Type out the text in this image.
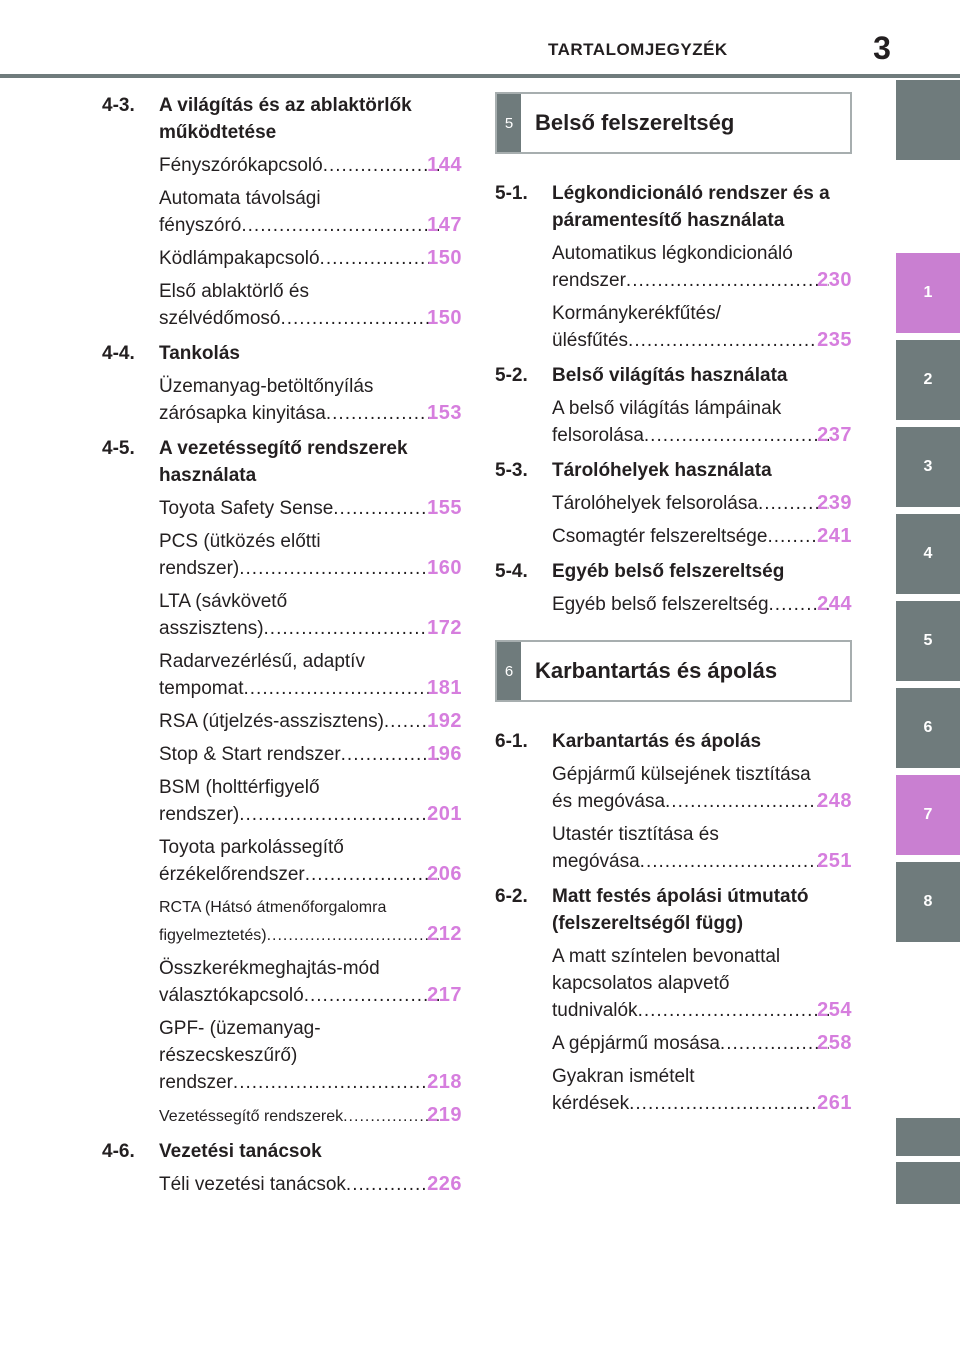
TARTALOMJEGYZÉK	3
4-3.	A világítás és az ablaktörlők működtetése
Fényszórókapcsoló .....	144
Automata távolsági
fényszóró .....	147
Ködlámpakapcsoló .....	150
Első ablaktörlő és
szélvédőmosó .....	150
4-4.	Tankolás
Üzemanyag-betöltőnyílás
zárósapka kinyitása .....	153
4-5.	A vezetéssegítő rendszerek használata
Toyota Safety Sense .....	155
PCS (ütközés előtti
rendszer) .....	160
LTA (sávkövető
asszisztens) .....	172
Radarvezérlésű, adaptív
tempomat .....	181
RSA (útjelzés-asszisztens) ..... 192
Stop & Start rendszer .....	196
BSM (holttérfigyelő
rendszer) .....	201
Toyota parkolássegítő
érzékelőrendszer .....	206
RCTA (Hátsó átmenőforgalomra
figyelmeztetés) .....	212
Összkerékmeghajtás-mód
választókapcsoló .....	217
GPF- (üzemanyag-
részecskeszűrő)
rendszer .....	218
Vezetéssegítő rendszerek .....	219
4-6.	Vezetési tanácsok
Téli vezetési tanácsok .....	226
5 Belső felszereltség
5-1.	Légkondicionáló rendszer és a páramentesítő használata
Automatikus légkondicionáló
rendszer .....	230
Kormánykerékfűtés/
ülésfűtés .....	235
5-2.	Belső világítás használata
A belső világítás lámpáinak
felsorolása .....	237
5-3.	Tárolóhelyek használata
Tárolóhelyek felsorolása .....	239
Csomagtér felszereltsége ..... 241
5-4.	Egyéb belső felszereltség
Egyéb belső felszereltség ..... 244
6 Karbantartás és ápolás
6-1.	Karbantartás és ápolás
Gépjármű külsejének tisztítása
és megóvása .....	248
Utastér tisztítása és
megóvása .....	251
6-2.	Matt festés ápolási útmutató (felszereltségől függ)
A matt színtelen bevonattal
kapcsolatos alapvető
tudnivalók .....	254
A gépjármű mosása .....	258
Gyakran ismételt
kérdések .....	261
1
2
3
4
5
6
7
8
